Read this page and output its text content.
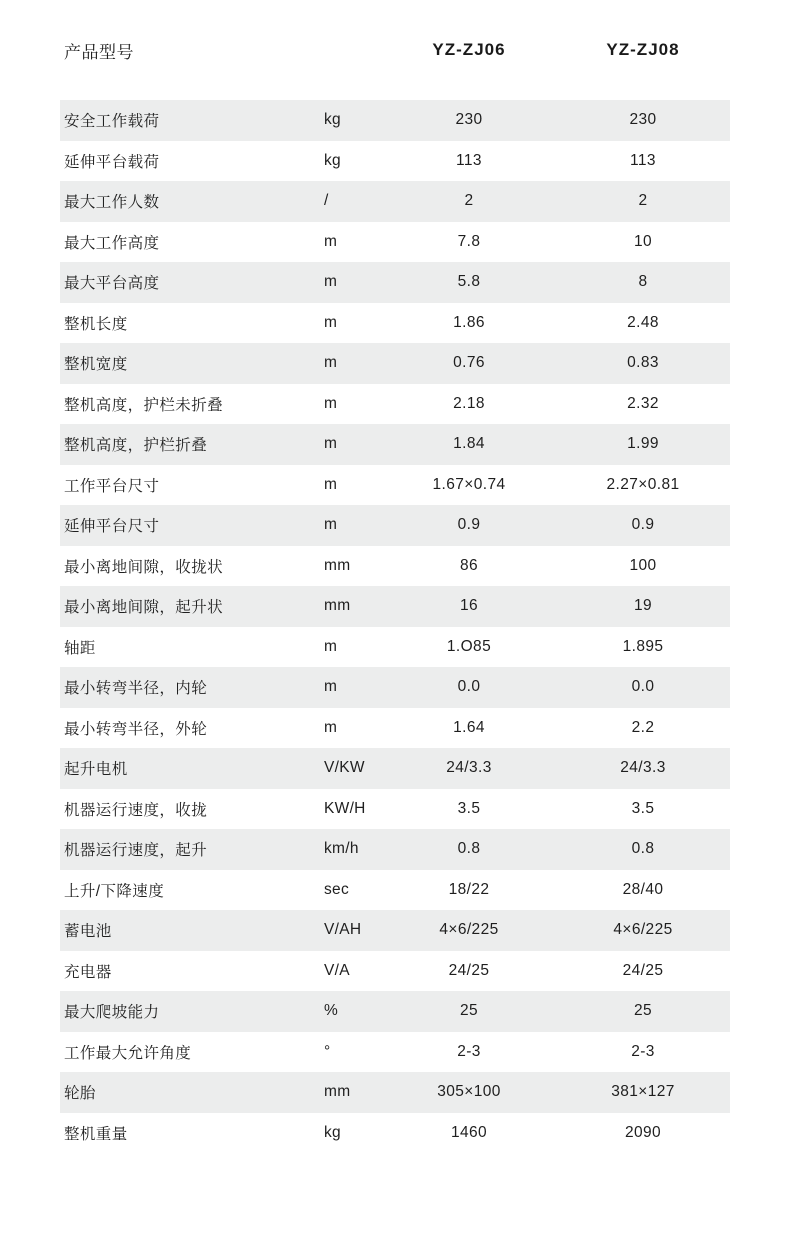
产品型号		YZ-ZJ06	YZ-ZJ08
安全工作载荷	kg	230	230
延伸平台载荷	kg	113	113
最大工作人数	/	2	2
最大工作高度	m	7.8	10
最大平台高度	m	5.8	8
整机长度	m	1.86	2.48
整机宽度	m	0.76	0.83
整机高度，护栏未折叠	m	2.18	2.32
整机高度，护栏折叠	m	1.84	1.99
工作平台尺寸	m	1.67×0.74	2.27×0.81
延伸平台尺寸	m	0.9	0.9
最小离地间隙，收拢状	mm	86	100
最小离地间隙，起升状	mm	16	19
轴距	m	1.O85	1.895
最小转弯半径，内轮	m	0.0	0.0
最小转弯半径，外轮	m	1.64	2.2
起升电机	V/KW	24/3.3	24/3.3
机器运行速度，收拢	KW/H	3.5	3.5
机器运行速度，起升	km/h	0.8	0.8
上升/下降速度	sec	18/22	28/40
蓄电池	V/AH	4×6/225	4×6/225
充电器	V/A	24/25	24/25
最大爬坡能力	%	25	25
工作最大允许角度	°	2-3	2-3
轮胎	mm	305×100	381×127
整机重量	kg	1460	2090
